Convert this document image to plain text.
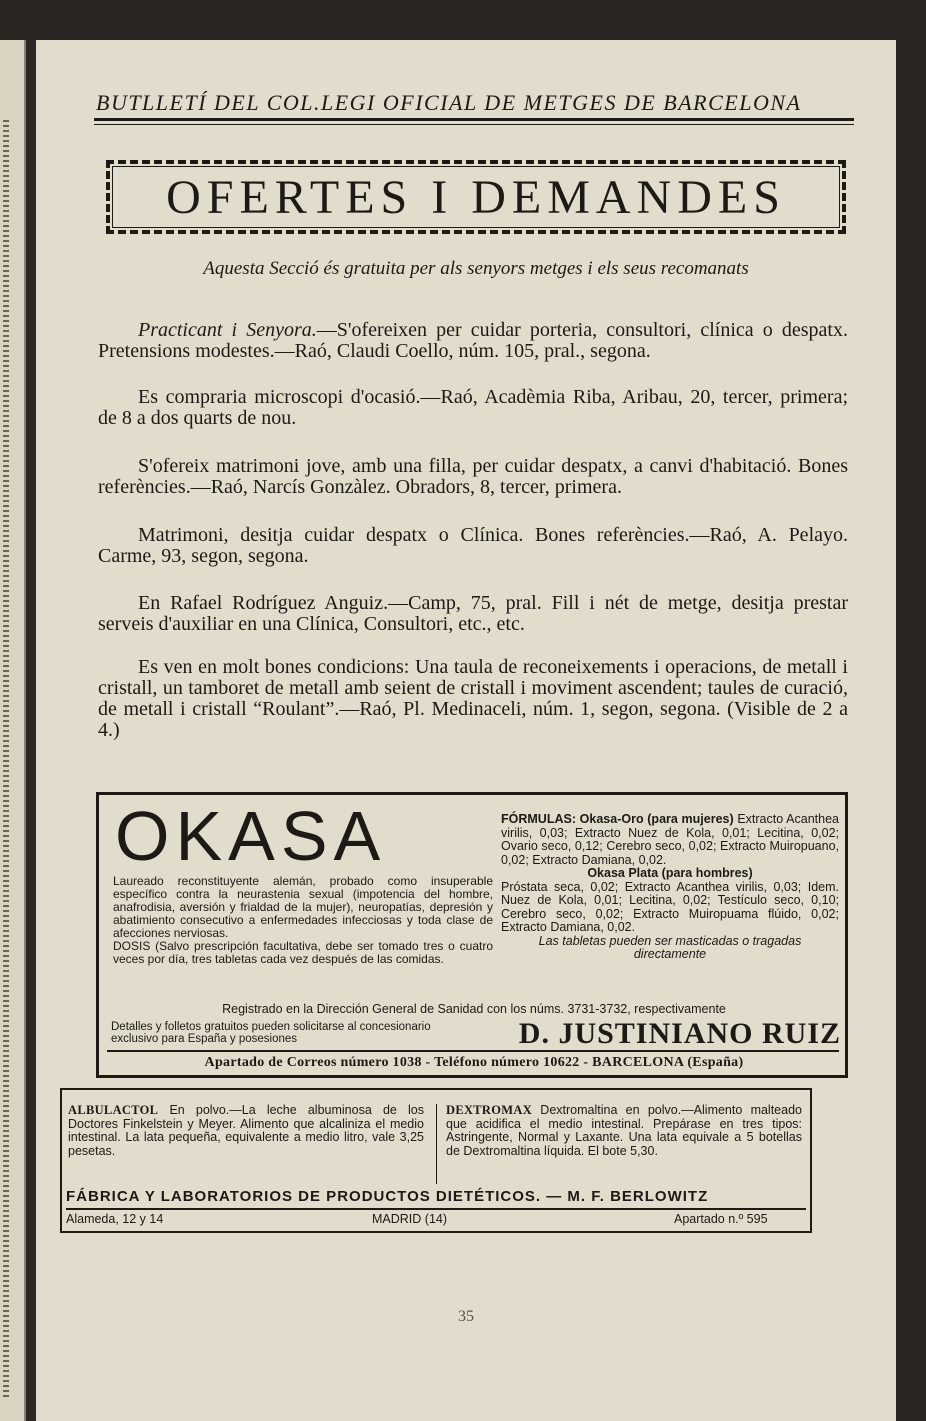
BUTLLETÍ DEL COL.LEGI OFICIAL DE METGES DE BARCELONA
OFERTES I DEMANDES
Aquesta Secció és gratuita per als senyors metges i els seus recomanats
Practicant i Senyora.—S'ofereixen per cuidar porteria, consultori, clínica o despatx. Pretensions modestes.—Raó, Claudi Coello, núm. 105, pral., segona.
Es compraria microscopi d'ocasió.—Raó, Acadèmia Riba, Aribau, 20, tercer, primera; de 8 a dos quarts de nou.
S'ofereix matrimoni jove, amb una filla, per cuidar despatx, a canvi d'habitació. Bones referències.—Raó, Narcís Gonzàlez. Obradors, 8, tercer, primera.
Matrimoni, desitja cuidar despatx o Clínica. Bones referències.—Raó, A. Pelayo. Carme, 93, segon, segona.
En Rafael Rodríguez Anguiz.—Camp, 75, pral. Fill i nét de metge, desitja prestar serveis d'auxiliar en una Clínica, Consultori, etc., etc.
Es ven en molt bones condicions: Una taula de reconeixements i operacions, de metall i cristall, un tamboret de metall amb seient de cristall i moviment ascendent; taules de curació, de metall i cristall “Roulant”.—Raó, Pl. Medinaceli, núm. 1, segon, segona. (Visible de 2 a 4.)
OKASA
Laureado reconstituyente alemán, probado como insuperable específico contra la neurastenia sexual (impotencia del hombre, anafrodisia, aversión y frialdad de la mujer), neuropatías, depresión y abatimiento consecutivo a enfermedades infecciosas y toda clase de afecciones nerviosas.
DOSIS (Salvo prescripción facultativa, debe ser tomado tres o cuatro veces por día, tres tabletas cada vez después de las comidas.
FÓRMULAS: Okasa-Oro (para mujeres) Extracto Acanthea virilis, 0,03; Extracto Nuez de Kola, 0,01; Lecitina, 0,02; Ovario seco, 0,12; Cerebro seco, 0,02; Extracto Muiropuano, 0,02; Extracto Damiana, 0,02.
Okasa Plata (para hombres)
Próstata seca, 0,02; Extracto Acanthea virilis, 0,03; Idem. Nuez de Kola, 0,01; Lecitina, 0,02; Testículo seco, 0,10; Cerebro seco, 0,02; Extracto Muiropuama flúido, 0,02; Extracto Damiana, 0,02.
Las tabletas pueden ser masticadas o tragadas directamente
Registrado en la Dirección General de Sanidad con los núms. 3731-3732, respectivamente
Detalles y folletos gratuitos pueden solicitarse al concesionario exclusivo para España y posesiones	D. JUSTINIANO RUIZ
Apartado de Correos número 1038 - Teléfono número 10622 - BARCELONA (España)
ALBULACTOL En polvo.—La leche albuminosa de los Doctores Finkelstein y Meyer. Alimento que alcaliniza el medio intestinal. La lata pequeña, equivalente a medio litro, vale 3,25 pesetas.
DEXTROMAX Dextromaltina en polvo.—Alimento malteado que acidifica el medio intestinal. Prepárase en tres tipos: Astringente, Normal y Laxante. Una lata equivale a 5 botellas de Dextromaltina líquida. El bote 5,30.
FÁBRICA Y LABORATORIOS DE PRODUCTOS DIETÉTICOS. — M. F. BERLOWITZ
Alameda, 12 y 14	MADRID (14)	Apartado n.º 595
35
